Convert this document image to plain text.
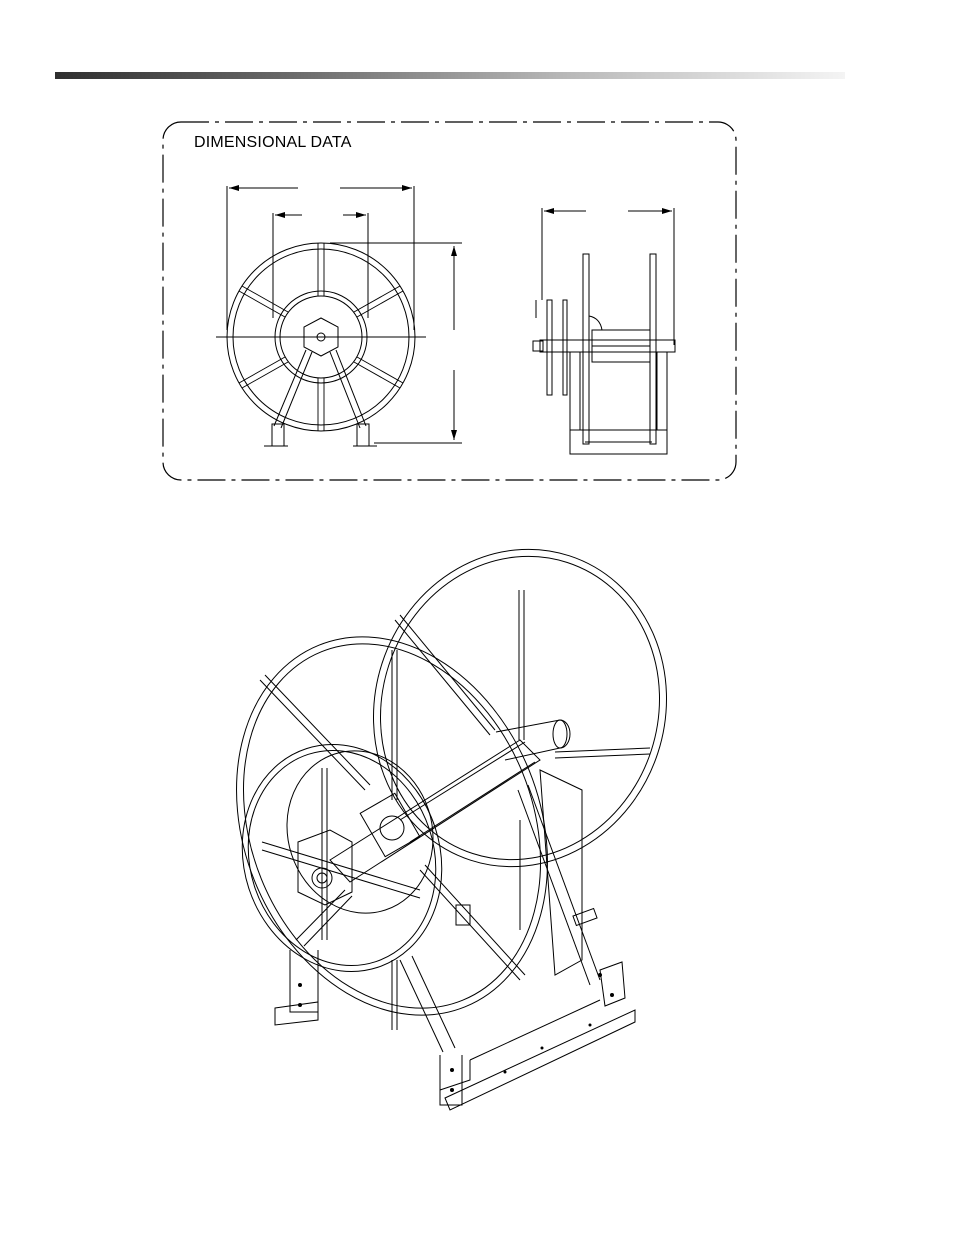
DIMENSIONAL DATA
